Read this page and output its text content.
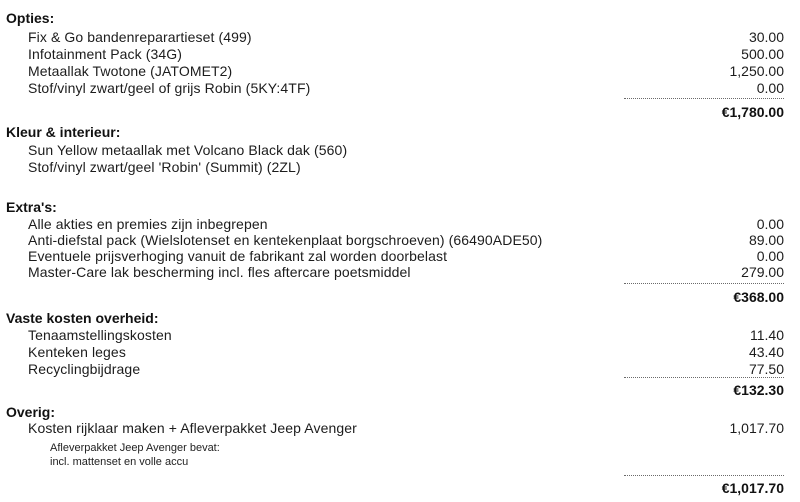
Opties:
Fix & Go bandenreparartieset (499)	30.00
Infotainment Pack (34G)	500.00
Metaallak Twotone (JATOMET2)	1,250.00
Stof/vinyl zwart/geel of grijs Robin (5KY:4TF)	0.00
€1,780.00
Kleur & interieur:
Sun Yellow metaallak met Volcano Black dak (560)
Stof/vinyl zwart/geel 'Robin' (Summit) (2ZL)
Extra's:
Alle akties en premies zijn inbegrepen	0.00
Anti-diefstal pack (Wielslotenset en kentekenplaat borgschroeven) (66490ADE50)	89.00
Eventuele prijsverhoging vanuit de fabrikant zal worden doorbelast	0.00
Master-Care lak bescherming incl. fles aftercare poetsmiddel	279.00
€368.00
Vaste kosten overheid:
Tenaamstellingskosten	11.40
Kenteken leges	43.40
Recyclingbijdrage	77.50
€132.30
Overig:
Kosten rijklaar maken + Afleverpakket Jeep Avenger	1,017.70
Afleverpakket Jeep Avenger bevat:
incl. mattenset en volle accu
€1,017.70
